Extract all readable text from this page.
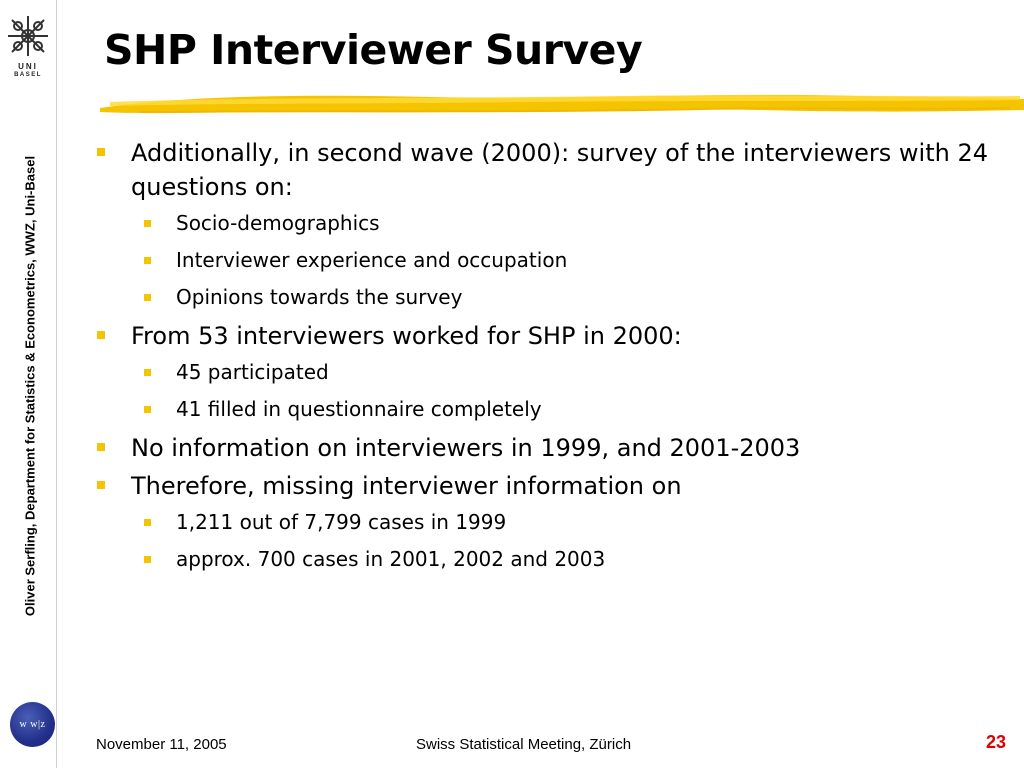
UNI
BASEL
Oliver Serfling, Department for Statistics & Econometrics, WWZ, Uni-Basel
w w|z
SHP Interviewer Survey
Additionally, in second wave (2000): survey of the interviewers with 24 questions on:
Socio-demographics
Interviewer experience and occupation
Opinions towards the survey
From 53 interviewers worked for SHP in 2000:
45 participated
41 filled in questionnaire completely
No information on interviewers in 1999, and 2001-2003
Therefore, missing interviewer information on
1,211 out of 7,799 cases in 1999
approx. 700 cases in 2001, 2002 and 2003
November 11, 2005	Swiss Statistical Meeting, Zürich	23
